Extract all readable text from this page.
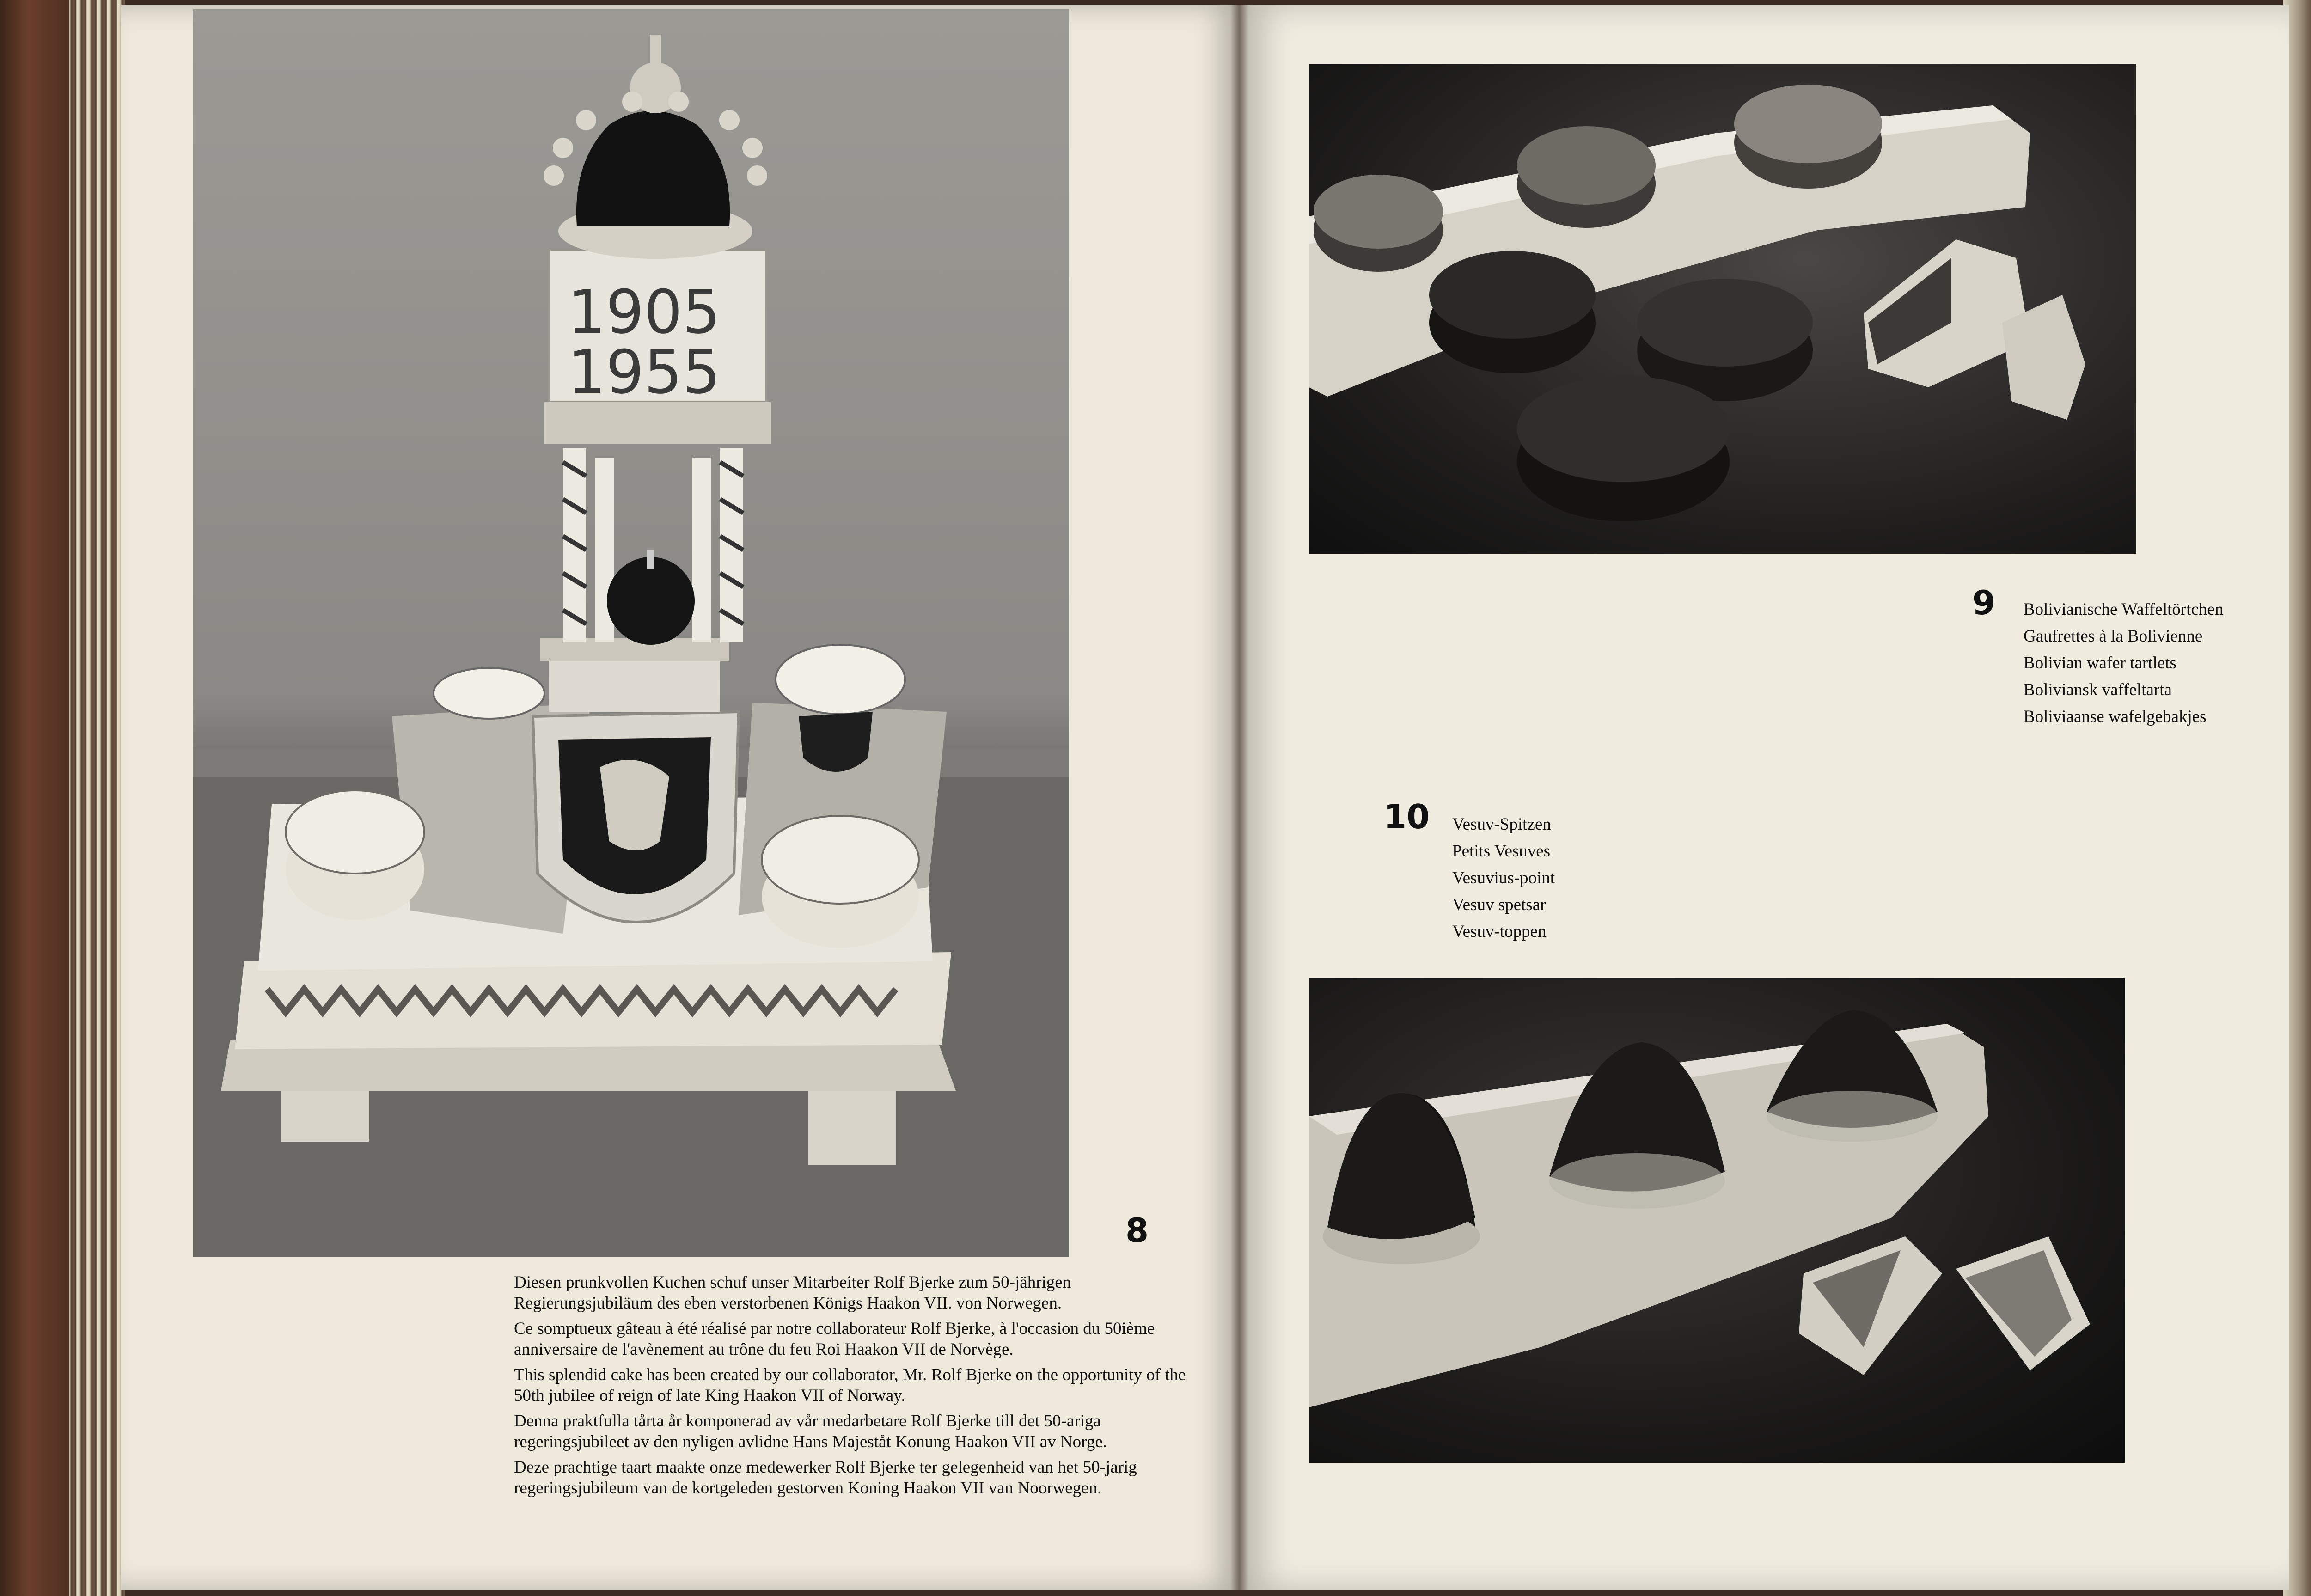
1905
1955
8

Diesen prunkvollen Kuchen schuf unser Mitarbeiter Rolf Bjerke zum 50-jährigen Regierungsjubiläum des eben verstorbenen Königs Haakon VII. von Norwegen.

Ce somptueux gâteau à été réalisé par notre collaborateur Rolf Bjerke, à l'occasion du 50ième anniversaire de l'avènement au trône du feu Roi Haakon VII de Norvège.

This splendid cake has been created by our collaborator, Mr. Rolf Bjerke on the opportunity of the 50th jubilee of reign of late King Haakon VII of Norway.

Denna praktfulla tårta år komponerad av vår medarbetare Rolf Bjerke till det 50-ariga regeringsjubileet av den nyligen avlidne Hans Majeståt Konung Haakon VII av Norge.

Deze prachtige taart maakte onze medewerker Rolf Bjerke ter gelegenheid van het 50-jarig regeringsjubileum van de kortgeleden gestorven Koning Haakon VII van Noorwegen.

9 Bolivianische Waffeltörtchen
Gaufrettes à la Bolivienne
Bolivian wafer tartlets
Boliviansk vaffeltarta
Boliviaanse wafelgebakjes
10 Vesuv-Spitzen
Petits Vesuves
Vesuvius-point
Vesuv spetsar
Vesuv-toppen
